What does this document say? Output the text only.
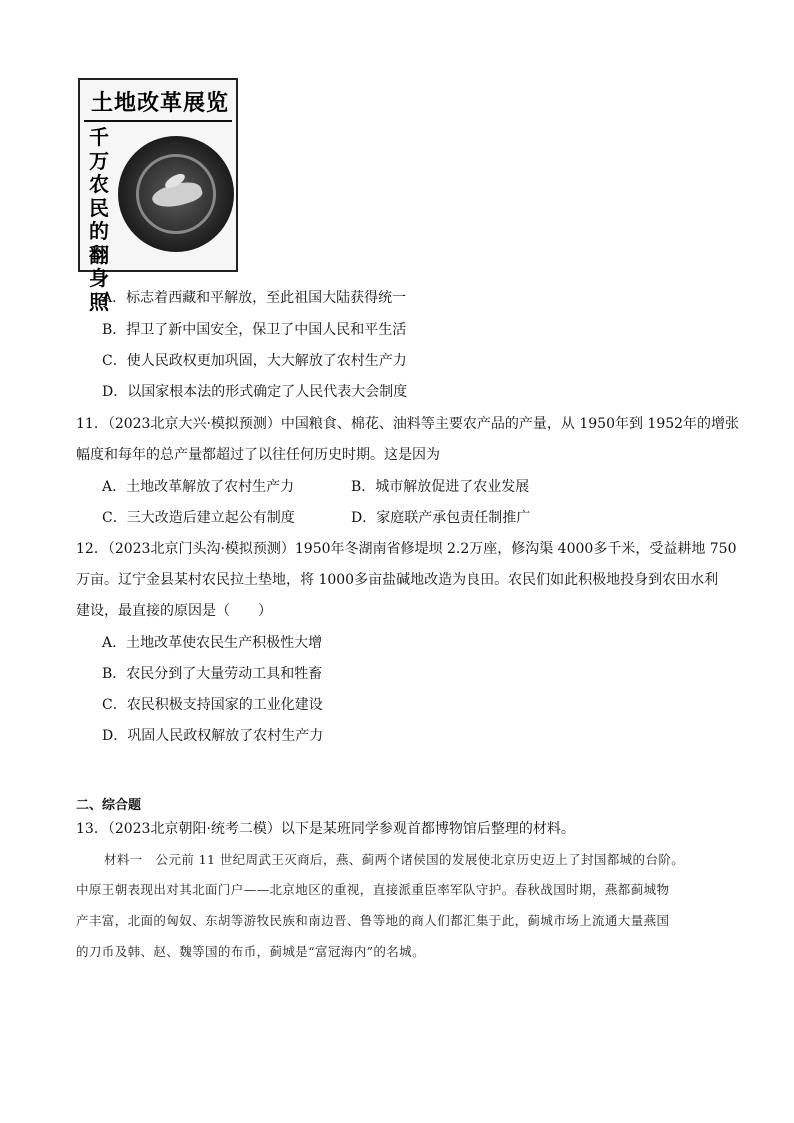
土地改革展览
千万农民的翻身照
A．标志着西藏和平解放，至此祖国大陆获得统一
B．捍卫了新中国安全，保卫了中国人民和平生活
C．使人民政权更加巩固，大大解放了农村生产力
D．以国家根本法的形式确定了人民代表大会制度
11．（2023北京大兴·模拟预测）中国粮食、棉花、油料等主要农产品的产量，从 1950年到 1952年的增张
幅度和每年的总产量都超过了以往任何历史时期。这是因为
A．土地改革解放了农村生产力	B．城市解放促进了农业发展
C．三大改造后建立起公有制度	D．家庭联产承包责任制推广
12．（2023北京门头沟·模拟预测）1950年冬湖南省修堤坝 2.2万座，修沟渠 4000多千米，受益耕地 750
万亩。辽宁金县某村农民拉土垫地，将 1000多亩盐碱地改造为良田。农民们如此积极地投身到农田水利
建设，最直接的原因是（　　）
A．土地改革使农民生产积极性大增
B．农民分到了大量劳动工具和牲畜
C．农民积极支持国家的工业化建设
D．巩固人民政权解放了农村生产力
二、综合题
13．（2023北京朝阳·统考二模）以下是某班同学参观首都博物馆后整理的材料。
材料一　公元前 11 世纪周武王灭商后，燕、蓟两个诸侯国的发展使北京历史迈上了封国都城的台阶。
中原王朝表现出对其北面门户——北京地区的重视，直接派重臣率军队守护。春秋战国时期，燕都蓟城物
产丰富，北面的匈奴、东胡等游牧民族和南边晋、鲁等地的商人们都汇集于此，蓟城市场上流通大量燕国
的刀币及韩、赵、魏等国的布币，蓟城是“富冠海内”的名城。
